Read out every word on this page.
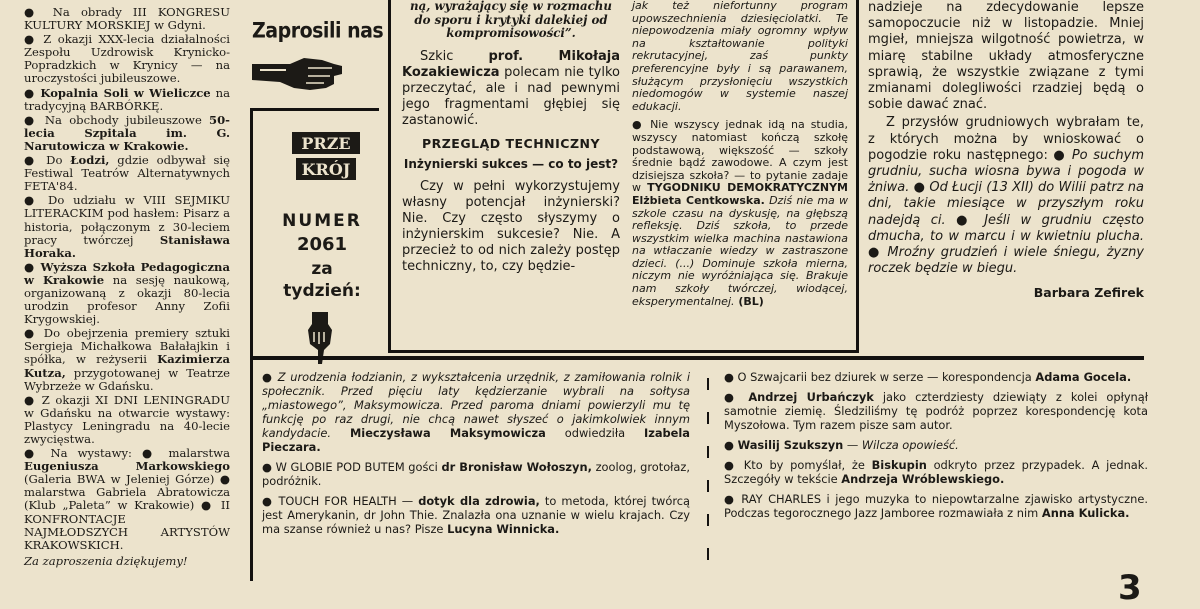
● Na obrady III KONGRESU KULTURY MORSKIEJ w Gdyni.

● Z okazji XXX-lecia działalności Zespołu Uzdrowisk Krynicko-Popradzkich w Krynicy — na uroczystości jubileuszowe.

● Kopalnia Soli w Wieliczce na tradycyjną BARBÓRKĘ.

● Na obchody jubileuszowe 50-lecia Szpitala im. G. Narutowicza w Krakowie.

● Do Łodzi, gdzie odbywał się Festiwal Teatrów Alternatywnych FETA'84.

● Do udziału w VIII SEJMIKU LITERACKIM pod hasłem: Pisarz a historia, połączonym z 30-leciem pracy twórczej Stanisława Horaka.

● Wyższa Szkoła Pedagogiczna w Krakowie na sesję naukową, organizowaną z okazji 80-lecia urodzin profesor Anny Zofii Krygowskiej.

● Do obejrzenia premiery sztuki Sergieja Michałkowa Bałałajkin i spółka, w reżyserii Kazimierza Kutza, przygotowanej w Teatrze Wybrzeże w Gdańsku.

● Z okazji XI DNI LENINGRADU w Gdańsku na otwarcie wystawy: Plastycy Leningradu na 40-lecie zwycięstwa.

● Na wystawy: ● malarstwa Eugeniusza Markowskiego (Galeria BWA w Jeleniej Górze) ● malarstwa Gabriela Abratowicza (Klub „Paleta” w Krakowie) ● II KONFRONTACJE NAJMŁODSZYCH ARTYSTÓW KRAKOWSKICH.

Za zaproszenia dziękujemy!

Zaprosili nas
PRZE
KRÓJ
NUMER
2061
za
tydzień:

ną, wyrażający się w rozmachu do sporu i krytyki dalekiej od kompromisowości”.

Szkic prof. Mikołaja Kozakiewicza polecam nie tylko przeczytać, ale i nad pewnymi jego fragmentami głębiej się zastanowić.

PRZEGLĄD TECHNICZNY

Inżynierski sukces — co to jest?

Czy w pełni wykorzystujemy własny potencjał inżynierski? Nie. Czy często słyszymy o inżynierskim sukcesie? Nie. A przecież to od nich zależy postęp techniczny, to, czy będzie-

jak też niefortunny program upowszechnienia dziesięciolatki. Te niepowodzenia miały ogromny wpływ na kształtowanie polityki rekrutacyjnej, zaś punkty preferencyjne były i są parawanem, służącym przysłonięciu wszystkich niedomogów w systemie naszej edukacji.

● Nie wszyscy jednak idą na studia, wszyscy natomiast kończą szkołę podstawową, większość — szkoły średnie bądź zawodowe. A czym jest dzisiejsza szkoła? — to pytanie zadaje w TYGODNIKU DEMOKRATYCZNYM Elżbieta Centkowska. Dziś nie ma w szkole czasu na dyskusję, na głębszą refleksję. Dziś szkoła, to przede wszystkim wielka machina nastawiona na wtłaczanie wiedzy w zastraszone dzieci. (...) Dominuje szkoła mierna, niczym nie wyróżniająca się. Brakuje nam szkoły twórczej, wiodącej, eksperymentalnej. (BL)

nadzieje na zdecydowanie lepsze samopoczucie niż w listopadzie. Mniej mgieł, mniejsza wilgotność powietrza, w miarę stabilne układy atmosferyczne sprawią, że wszystkie związane z tymi zmianami dolegliwości rzadziej będą o sobie dawać znać.

Z przysłów grudniowych wybrałam te, z których można by wnioskować o pogodzie roku następnego: ● Po suchym grudniu, sucha wiosna bywa i pogoda w żniwa. ● Od Łucji (13 XII) do Wilii patrz na dni, takie miesiące w przyszłym roku nadejdą ci. ● Jeśli w grudniu często dmucha, to w marcu i w kwietniu plucha. ● Mroźny grudzień i wiele śniegu, żyzny roczek będzie w biegu.

Barbara Zefirek

● Z urodzenia łodzianin, z wykształcenia urzędnik, z zamiłowania rolnik i społecznik. Przed pięciu laty kędzierzanie wybrali na sołtysa „miastowego”, Maksymowicza. Przed paroma dniami powierzyli mu tę funkcję po raz drugi, nie chcą nawet słyszeć o jakimkolwiek innym kandydacie. Mieczysława Maksymowicza odwiedziła Izabela Pieczara.

● W GLOBIE POD BUTEM gości dr Bronisław Wołoszyn, zoolog, grotołaz, podróżnik.

● TOUCH FOR HEALTH — dotyk dla zdrowia, to metoda, której twórcą jest Amerykanin, dr John Thie. Znalazła ona uznanie w wielu krajach. Czy ma szanse również u nas? Pisze Lucyna Winnicka.

● O Szwajcarii bez dziurek w serze — korespondencja Adama Gocela.

● Andrzej Urbańczyk jako czterdziesty dziewiąty z kolei opłynął samotnie ziemię. Śledziliśmy tę podróż poprzez korespondencję kota Myszołowa. Tym razem pisze sam autor.

● Wasilij Szukszyn — Wilcza opowieść.

● Kto by pomyślał, że Biskupin odkryto przez przypadek. A jednak. Szczegóły w tekście Andrzeja Wróblewskiego.

● RAY CHARLES i jego muzyka to niepowtarzalne zjawisko artystyczne. Podczas tegorocznego Jazz Jamboree rozmawiała z nim Anna Kulicka.

3
